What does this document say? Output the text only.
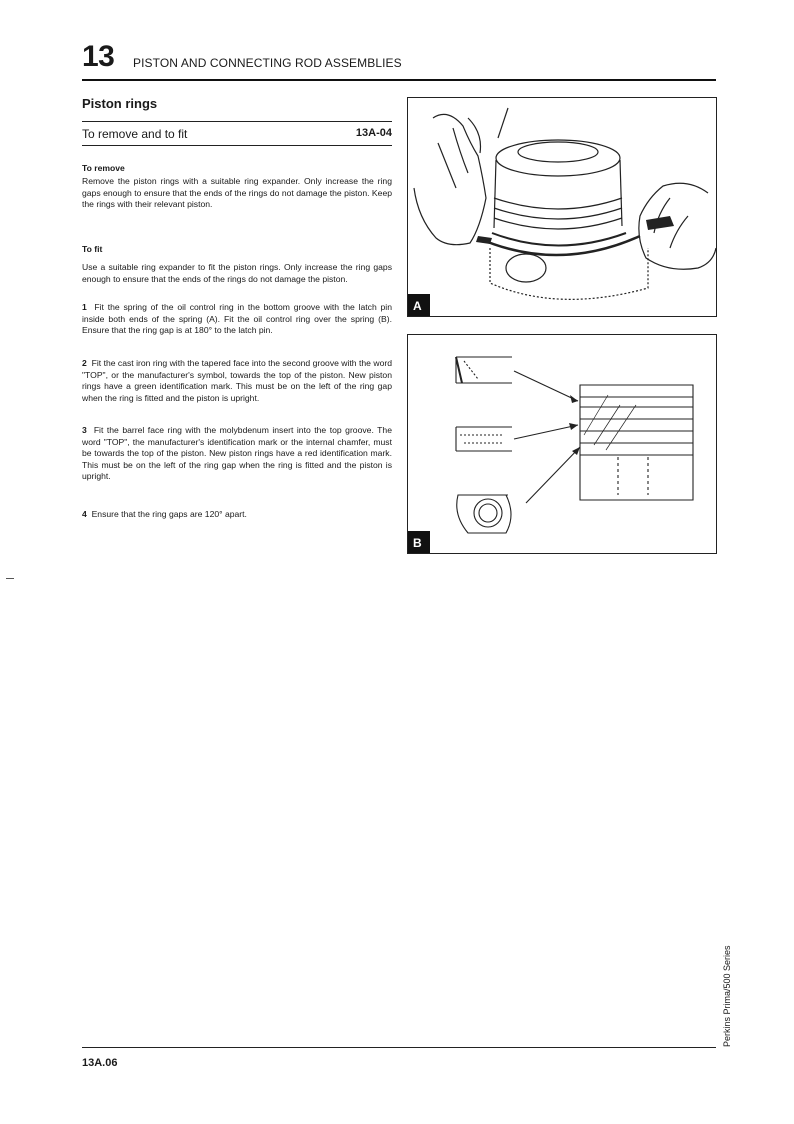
13 PISTON AND CONNECTING ROD ASSEMBLIES
Piston rings
To remove and to fit	13A-04
To remove
Remove the piston rings with a suitable ring expander. Only increase the ring gaps enough to ensure that the ends of the rings do not damage the piston. Keep the rings with their relevant piston.
To fit
Use a suitable ring expander to fit the piston rings. Only increase the ring gaps enough to ensure that the ends of the rings do not damage the piston.
1 Fit the spring of the oil control ring in the bottom groove with the latch pin inside both ends of the spring (A). Fit the oil control ring over the spring (B). Ensure that the ring gap is at 180° to the latch pin.
2 Fit the cast iron ring with the tapered face into the second groove with the word "TOP", or the manufacturer's symbol, towards the top of the piston. New piston rings have a green identification mark. This must be on the left of the ring gap when the ring is fitted and the piston is upright.
3 Fit the barrel face ring with the molybdenum insert into the top groove. The word "TOP", the manufacturer's identification mark or the internal chamfer, must be towards the top of the piston. New piston rings have a red identification mark. This must be on the left of the ring gap when the ring is fitted and the piston is upright.
4 Ensure that the ring gaps are 120° apart.
A
B
13A.06
Perkins Prima/500 Series
